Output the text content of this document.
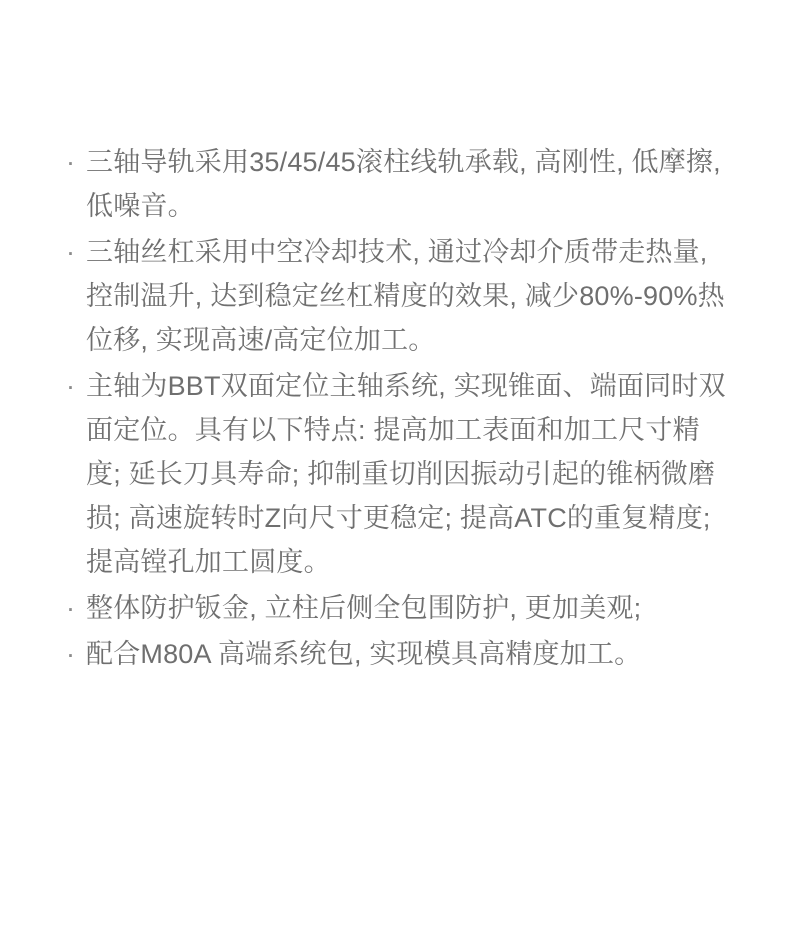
· 三轴导轨采用35/45/45滚柱线轨承载, 高刚性, 低摩擦, 低噪音。
· 三轴丝杠采用中空冷却技术, 通过冷却介质带走热量, 控制温升, 达到稳定丝杠精度的效果, 减少80%-90%热位移, 实现高速/高定位加工。
· 主轴为BBT双面定位主轴系统, 实现锥面、端面同时双面定位。具有以下特点: 提高加工表面和加工尺寸精度; 延长刀具寿命; 抑制重切削因振动引起的锥柄微磨损; 高速旋转时Z向尺寸更稳定; 提高ATC的重复精度; 提高镗孔加工圆度。
· 整体防护钣金, 立柱后侧全包围防护, 更加美观;
· 配合M80A 高端系统包, 实现模具高精度加工。
